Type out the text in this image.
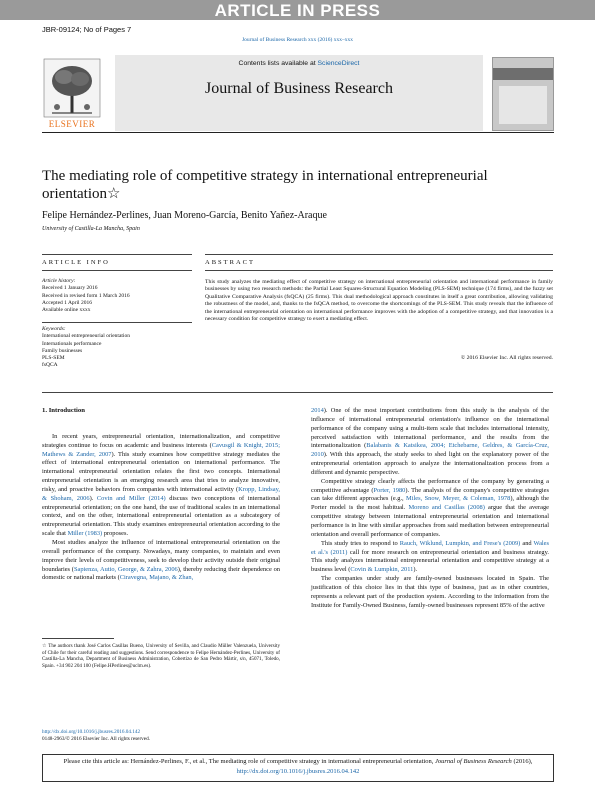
ARTICLE IN PRESS
JBR-09124; No of Pages 7
Journal of Business Research xxx (2016) xxx–xxx
ELSEVIER
Contents lists available at ScienceDirect
Journal of Business Research
The mediating role of competitive strategy in international entrepreneurial orientation☆
Felipe Hernández-Perlines, Juan Moreno-García, Benito Yañez-Araque
University of Castilla-La Mancha, Spain
ARTICLE INFO	ABSTRACT
Article history:
Received 1 January 2016
Received in revised form 1 March 2016
Accepted 1 April 2016
Available online xxxx
Keywords:
International entrepreneurial orientation
Internationals performance
Family businesses
PLS-SEM
fsQCA
This study analyzes the mediating effect of competitive strategy on international entrepreneurial orientation and international performance in family businesses by using two research methods: the Partial Least Squares-Structural Equation Modeling (PLS-SEM) technique (174 firms), and the fuzzy set Qualitative Comparative Analysis (fsQCA) (25 firms). This dual methodological approach constitutes in itself a great contribution, allowing validating the robustness of the model, and, thanks to the fsQCA method, to overcome the shortcomings of the PLS-SEM. This study reveals that the influence of the international entrepreneurial orientation on international performance improves with the adoption of a competitive strategy, and that innovation is a necessary condition for competitive strategy to exert a mediating effect.
© 2016 Elsevier Inc. All rights reserved.
1. Introduction

In recent years, entrepreneurial orientation, internationalization, and competitive strategies continue to focus on academic and business interests (Cavusgil & Knight, 2015; Mathews & Zander, 2007). This study examines how competitive strategy mediates the effect of international entrepreneurial orientation on international performance. The international entrepreneurial orientation relates the first two concepts. International entrepreneurial orientation is an emerging research area that tries to analyze innovative, risky, and proactive behaviors from companies with international activity (Kropp, Lindsay, & Shoham, 2006). Covin and Miller (2014) discuss two conceptions of international entrepreneurial orientation; on the one hand, the use of traditional scales in an international context, and on the other, international entrepreneurial orientation as a subcategory of entrepreneurial orientation. This study examines entrepreneurial orientation according to the scale that Miller (1983) proposes.

Most studies analyze the influence of international entrepreneurial orientation on the overall performance of the company. Nowadays, many companies, to maintain and even improve their levels of competitiveness, seek to develop their activity outside their original boundaries (Sapienza, Autio, George, & Zahra, 2006), thereby reducing their dependence on domestic or national markets (Ciravegna, Majano, & Zhan,

2014). One of the most important contributions from this study is the analysis of the influence of international entrepreneurial orientation's influence on the international performance of the company using a multi-item scale that includes international intensity, perceived satisfaction with international performance, and the results from the internationalization (Balabanis & Katsikea, 2004; Etchebarne, Geldres, & García-Cruz, 2010). With this approach, the study seeks to shed light on the explanatory power of the entrepreneurial orientation approach to analyze the internationalization process from a different and dynamic perspective.

Competitive strategy clearly affects the performance of the company by generating a competitive advantage (Porter, 1980). The analysis of the company's competitive strategies can take different approaches (e.g., Miles, Snow, Meyer, & Coleman, 1978), although the Porter model is the most habitual. Moreno and Casillas (2008) argue that the average competitive strategy between international entrepreneurial orientation and international performance is in line with similar approaches from said mediation between entrepreneurial orientation and overall performance of companies.

This study tries to respond to Rauch, Wiklund, Lumpkin, and Frese's (2009) and Wales et al.'s (2011) call for more research on entrepreneurial orientation and business strategy. This study analyzes international entrepreneurial orientation and competitive strategy at a business level (Covin & Lumpkin, 2011).

The companies under study are family-owned businesses located in Spain. The justification of this choice lies in that this type of business, just as in other countries, represents a relevant part of the production system. According to the information from the Institute for Family-Owned Business, family-owned businesses represent 85% of the active

☆ The authors thank José Carlos Casillas Bueno, University of Sevilla, and Claudio Müller Valenzuela, University of Chile for their careful reading and suggestions. Send correspondence to Felipe Hernández-Perlines, University of Castilla-La Mancha, Department of Business Administration, Cobertizo de San Pedro Mártir, s/n, 45071, Toledo, Spain. +34 902 204 100 (Felipe.HPerlines@uclm.es).
http://dx.doi.org/10.1016/j.jbusres.2016.04.142
0148-2963/© 2016 Elsevier Inc. All rights reserved.
Please cite this article as: Hernández-Perlines, F., et al., The mediating role of competitive strategy in international entrepreneurial orientation, Journal of Business Research (2016), http://dx.doi.org/10.1016/j.jbusres.2016.04.142
